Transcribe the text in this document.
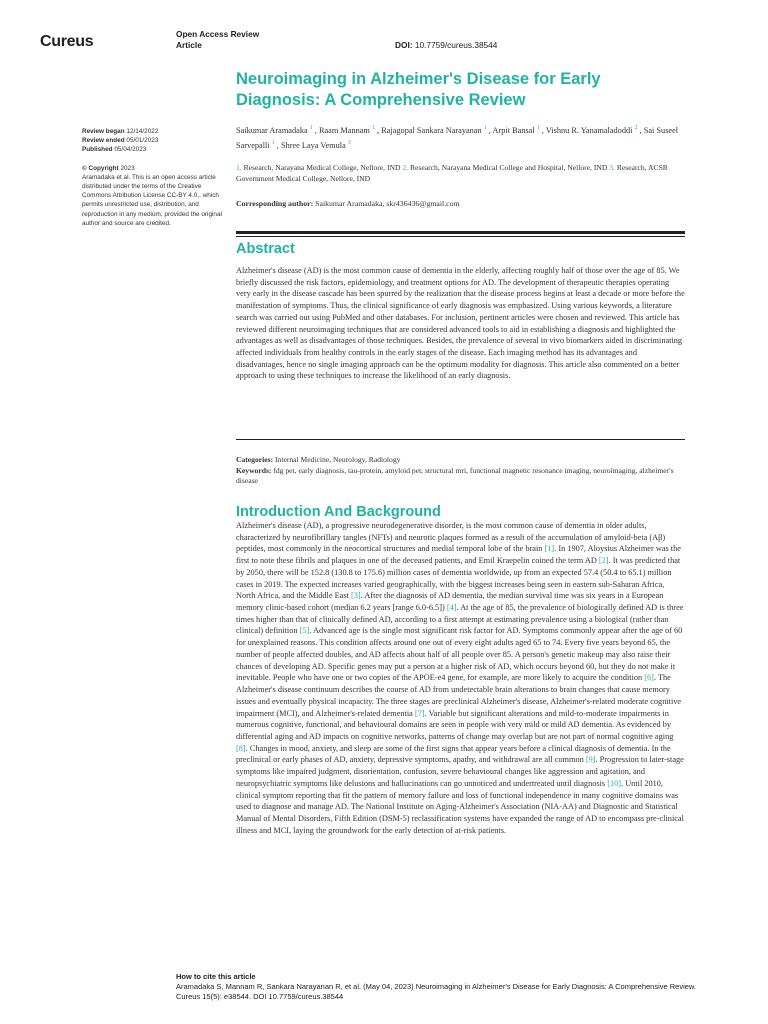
Cureus	Open Access Review
Article	DOI: 10.7759/cureus.38544
Neuroimaging in Alzheimer's Disease for Early Diagnosis: A Comprehensive Review
Review began 12/14/2022
Review ended 05/01/2023
Published 05/04/2023
© Copyright 2023
Aramadaka et al. This is an open access article distributed under the terms of the Creative Commons Attribution License CC-BY 4.0., which permits unrestricted use, distribution, and reproduction in any medium, provided the original author and source are credited.
Saikumar Aramadaka $^1$ , Raam Mannam $^1$ , Rajagopal Sankara Narayanan $^1$ , Arpit Bansal $^1$ , Vishnu R. Yanamaladoddi $^2$ , Sai Suseel Sarvepalli $^1$ , Shree Laya Vemula $^3$
1. Research, Narayana Medical College, Nellore, IND 2. Research, Narayana Medical College and Hospital, Nellore, IND 3. Research, ACSR Government Medical College, Nellore, IND
Corresponding author: Saikumar Aramadaka, skr436436@gmail.com
Abstract

Alzheimer's disease (AD) is the most common cause of dementia in the elderly, affecting roughly half of those over the age of 85. We briefly discussed the risk factors, epidemiology, and treatment options for AD. The development of therapeutic therapies operating very early in the disease cascade has been spurred by the realization that the disease process begins at least a decade or more before the manifestation of symptoms. Thus, the clinical significance of early diagnosis was emphasized. Using various keywords, a literature search was carried out using PubMed and other databases. For inclusion, pertinent articles were chosen and reviewed. This article has reviewed different neuroimaging techniques that are considered advanced tools to aid in establishing a diagnosis and highlighted the advantages as well as disadvantages of those techniques. Besides, the prevalence of several in vivo biomarkers aided in discriminating affected individuals from healthy controls in the early stages of the disease. Each imaging method has its advantages and disadvantages, hence no single imaging approach can be the optimum modality for diagnosis. This article also commented on a better approach to using these techniques to increase the likelihood of an early diagnosis.

Categories: Internal Medicine, Neurology, Radiology
Keywords: fdg pet, early diagnosis, tau-protein, amyloid pet, structural mri, functional magnetic resonance imaging, neuroimaging, alzheimer's disease
Introduction And Background

Alzheimer's disease (AD), a progressive neurodegenerative disorder, is the most common cause of dementia in older adults, characterized by neurofibrillary tangles (NFTs) and neurotic plaques formed as a result of the accumulation of amyloid-beta (Aβ) peptides, most commonly in the neocortical structures and medial temporal lobe of the brain [1]. In 1907, Aloysius Alzheimer was the first to note these fibrils and plaques in one of the deceased patients, and Emil Kraepelin coined the term AD [2]. It was predicted that by 2050, there will be 152.8 (130.8 to 175.6) million cases of dementia worldwide, up from an expected 57.4 (50.4 to 65.1) million cases in 2019. The expected increases varied geographically, with the biggest increases being seen in eastern sub-Saharan Africa, North Africa, and the Middle East [3]. After the diagnosis of AD dementia, the median survival time was six years in a European memory clinic-based cohort (median 6.2 years [range 6.0-6.5]) [4]. At the age of 85, the prevalence of biologically defined AD is three times higher than that of clinically defined AD, according to a first attempt at estimating prevalence using a biological (rather than clinical) definition [5]. Advanced age is the single most significant risk factor for AD. Symptoms commonly appear after the age of 60 for unexplained reasons. This condition affects around one out of every eight adults aged 65 to 74. Every five years beyond 65, the number of people affected doubles, and AD affects about half of all people over 85. A person's genetic makeup may also raise their chances of developing AD. Specific genes may put a person at a higher risk of AD, which occurs beyond 60, but they do not make it inevitable. People who have one or two copies of the APOE-e4 gene, for example, are more likely to acquire the condition [6]. The Alzheimer's disease continuum describes the course of AD from undetectable brain alterations to brain changes that cause memory issues and eventually physical incapacity. The three stages are preclinical Alzheimer's disease, Alzheimer's-related moderate cognitive impairment (MCI), and Alzheimer's-related dementia [7]. Variable but significant alterations and mild-to-moderate impairments in numerous cognitive, functional, and behavioural domains are seen in people with very mild or mild AD dementia. As evidenced by differential aging and AD impacts on cognitive networks, patterns of change may overlap but are not part of normal cognitive aging [8]. Changes in mood, anxiety, and sleep are some of the first signs that appear years before a clinical diagnosis of dementia. In the preclinical or early phases of AD, anxiety, depressive symptoms, apathy, and withdrawal are all common [9]. Progression to later-stage symptoms like impaired judgment, disorientation, confusion, severe behavioural changes like aggression and agitation, and neuropsychiatric symptoms like delusions and hallucinations can go unnoticed and undertreated until diagnosis [10]. Until 2010, clinical symptom reporting that fit the pattern of memory failure and loss of functional independence in many cognitive domains was used to diagnose and manage AD. The National Institute on Aging-Alzheimer's Association (NIA-AA) and Diagnostic and Statistical Manual of Mental Disorders, Fifth Edition (DSM-5) reclassification systems have expanded the range of AD to encompass pre-clinical illness and MCI, laying the groundwork for the early detection of at-risk patients.

How to cite this article
Aramadaka S, Mannam R, Sankara Narayanan R, et al. (May 04, 2023) Neuroimaging in Alzheimer's Disease for Early Diagnosis: A Comprehensive Review. Cureus 15(5): e38544. DOI 10.7759/cureus.38544
